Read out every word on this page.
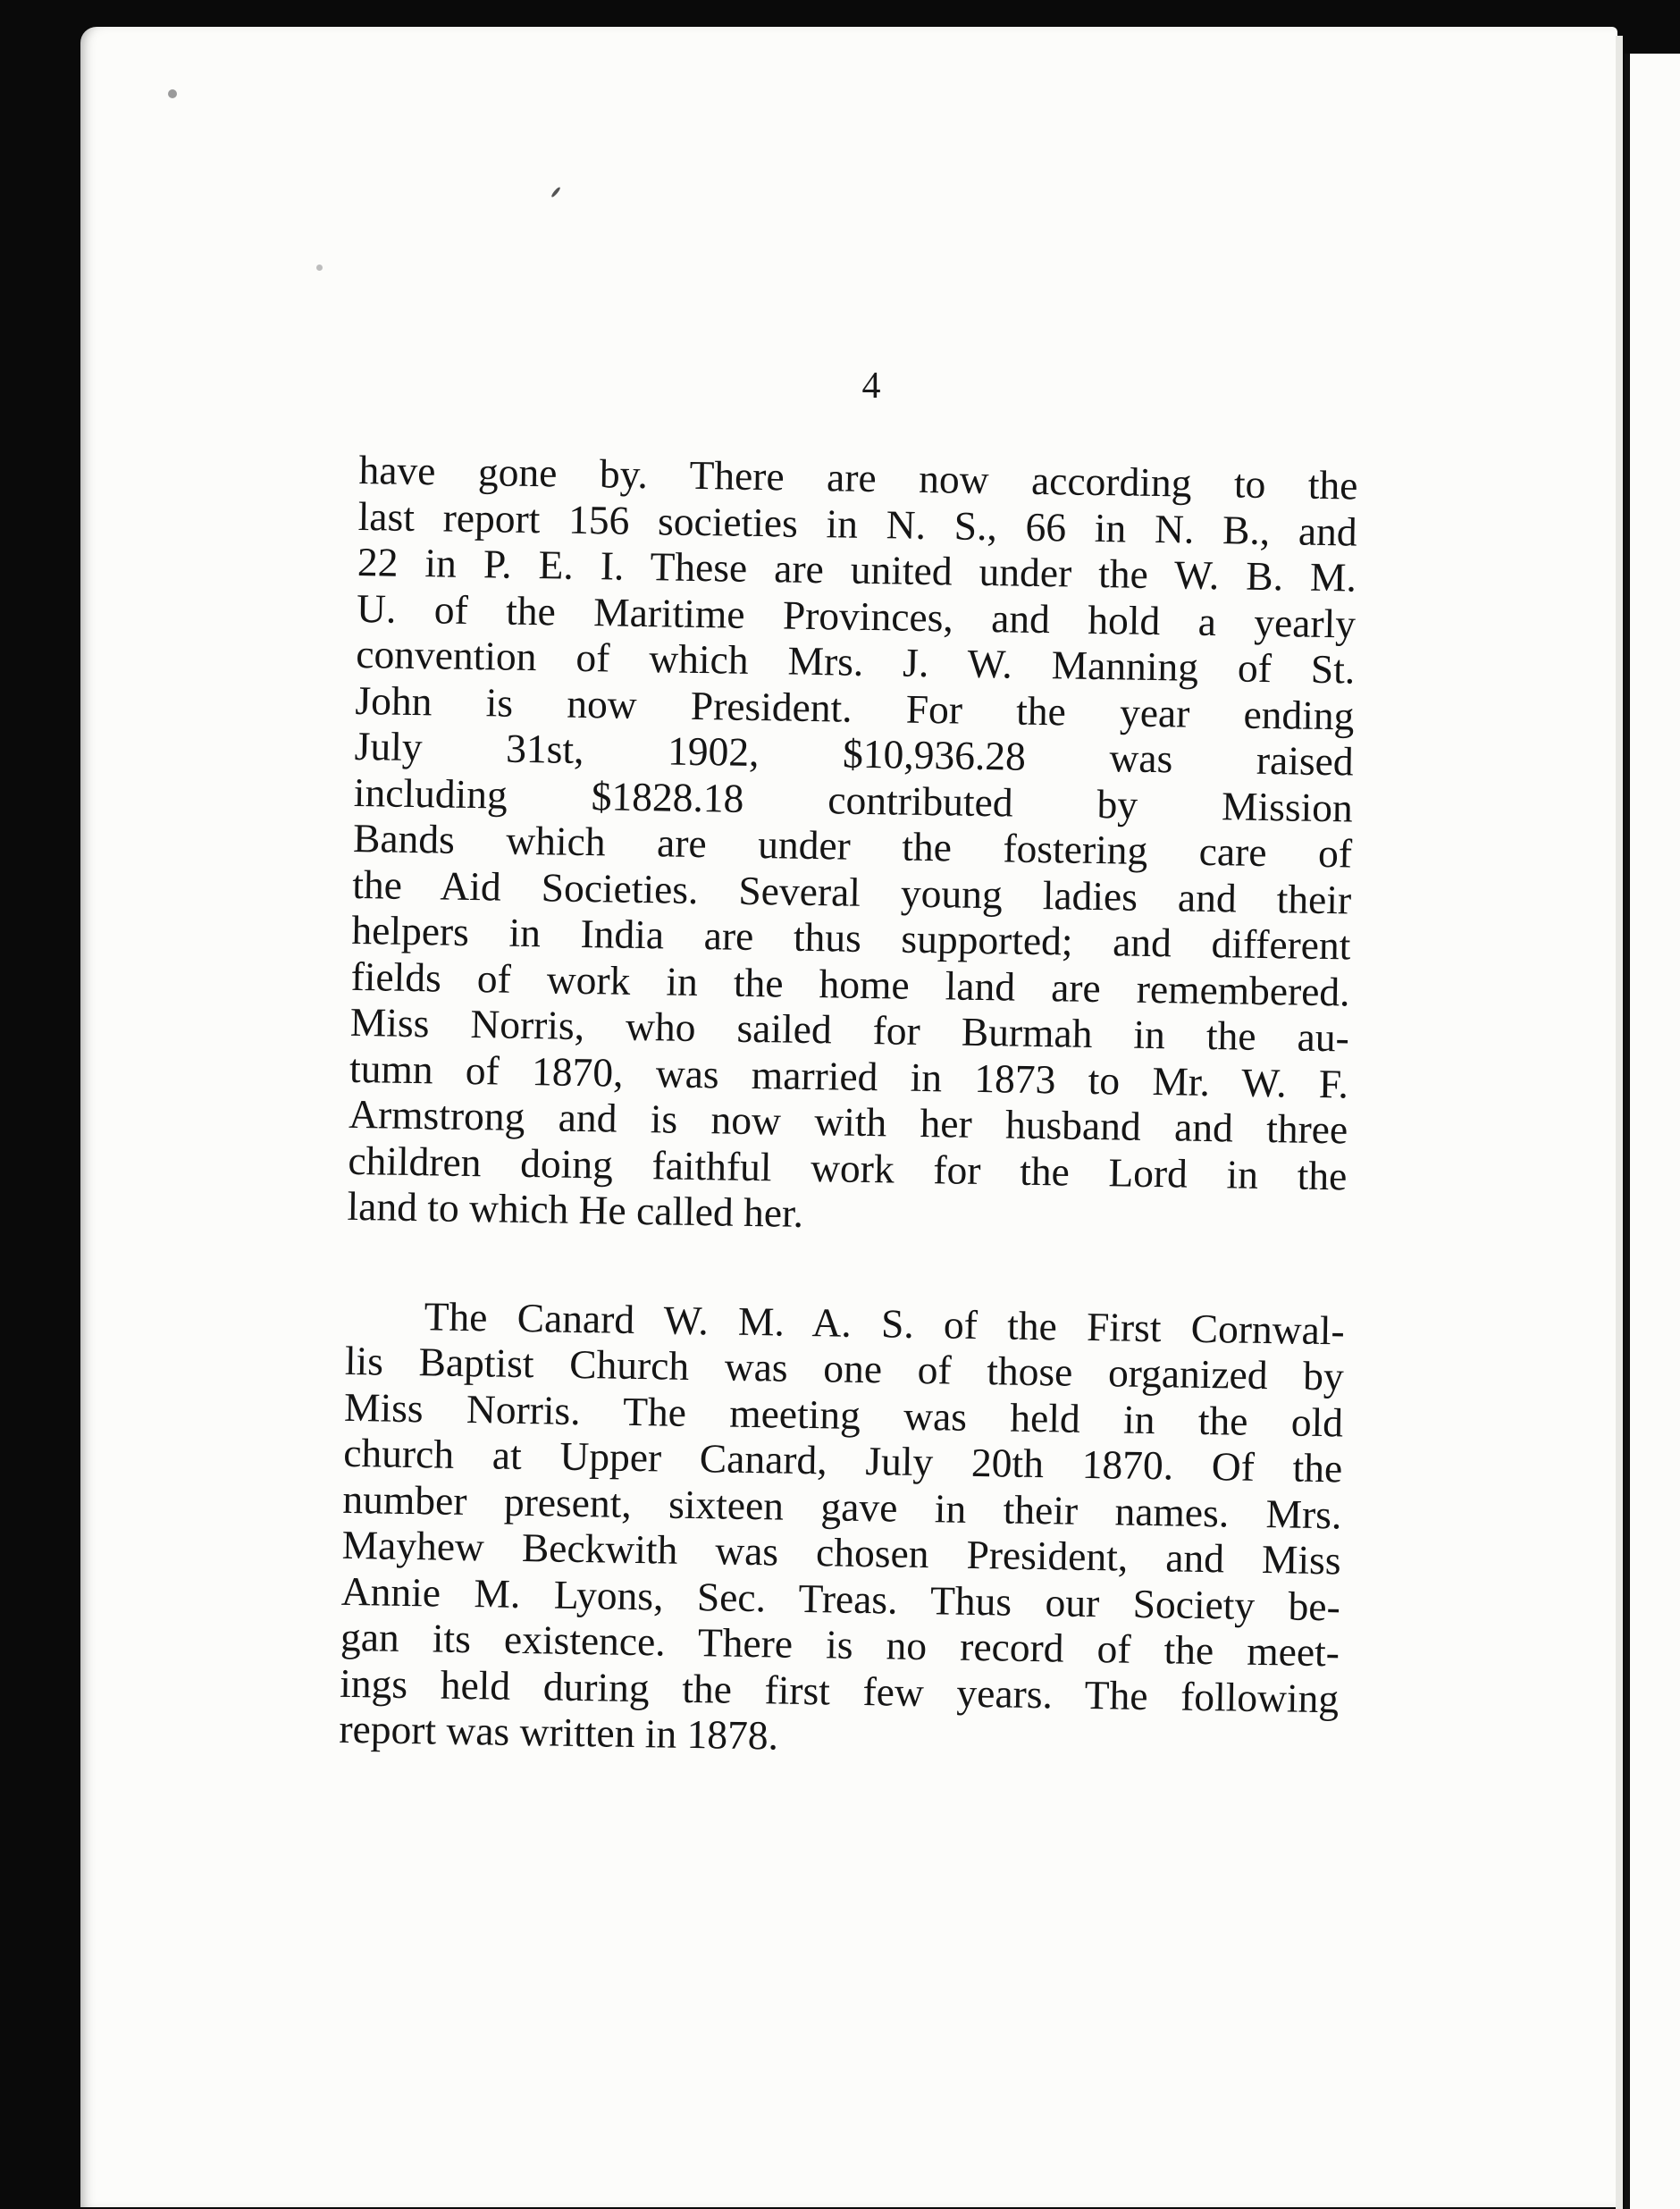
4

have gone by. There are now according to the
last report 156 societies in N. S., 66 in N. B., and
22 in P. E. I. These are united under the W. B. M.
U. of the Maritime Provinces, and hold a yearly
convention of which Mrs. J. W. Manning of St.
John is now President. For the year ending
July 31st, 1902, $10,936.28 was raised
including $1828.18 contributed by Mission
Bands which are under the fostering care of
the Aid Societies. Several young ladies and their
helpers in India are thus supported; and different
fields of work in the home land are remembered.
Miss Norris, who sailed for Burmah in the au-
tumn of 1870, was married in 1873 to Mr. W. F.
Armstrong and is now with her husband and three
children doing faithful work for the Lord in the
land to which He called her.
The Canard W. M. A. S. of the First Cornwal-
lis Baptist Church was one of those organized by
Miss Norris. The meeting was held in the old
church at Upper Canard, July 20th 1870. Of the
number present, sixteen gave in their names. Mrs.
Mayhew Beckwith was chosen President, and Miss
Annie M. Lyons, Sec. Treas. Thus our Society be-
gan its existence. There is no record of the meet-
ings held during the first few years. The following
report was written in 1878.
